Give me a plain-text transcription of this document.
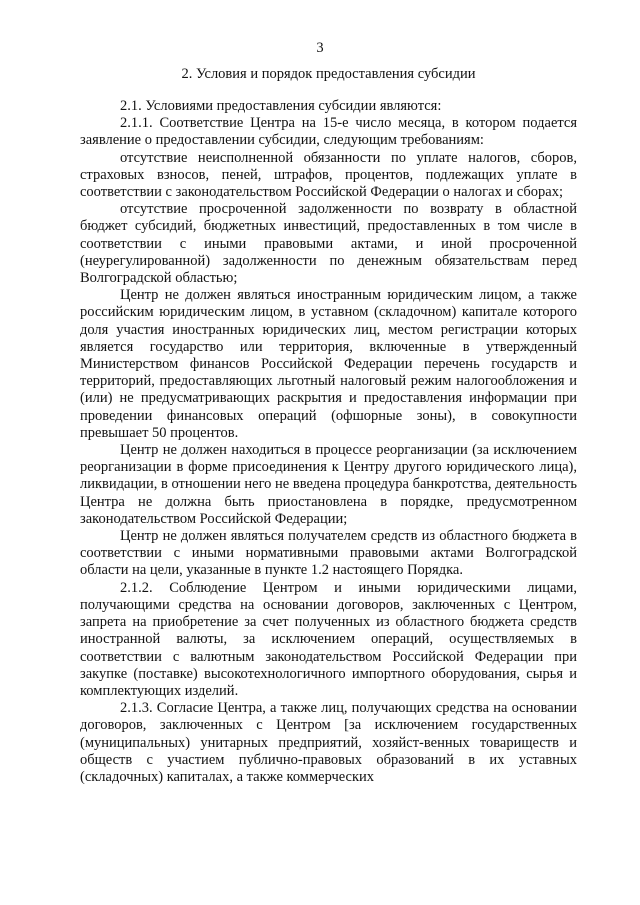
3
2. Условия и порядок предоставления субсидии

2.1. Условиями предоставления субсидии являются:

2.1.1. Соответствие Центра на 15-е число месяца, в котором подается заявление о предоставлении субсидии, следующим требованиям:

отсутствие неисполненной обязанности по уплате налогов, сборов, страховых взносов, пеней, штрафов, процентов, подлежащих уплате в соответствии с законодательством Российской Федерации о налогах и сборах;

отсутствие просроченной задолженности по возврату в областной бюджет субсидий, бюджетных инвестиций, предоставленных в том числе в соответствии с иными правовыми актами, и иной просроченной (неурегулированной) задолженности по денежным обязательствам перед Волгоградской областью;

Центр не должен являться иностранным юридическим лицом, а также российским юридическим лицом, в уставном (складочном) капитале которого доля участия иностранных юридических лиц, местом регистрации которых является государство или территория, включенные в утвержденный Министерством финансов Российской Федерации перечень государств и территорий, предоставляющих льготный налоговый режим налогообложения и (или) не предусматривающих раскрытия и предоставления информации при проведении финансовых операций (офшорные зоны), в совокупности превышает 50 процентов.

Центр не должен находиться в процессе реорганизации (за исключением реорганизации в форме присоединения к Центру другого юридического лица), ликвидации, в отношении него не введена процедура банкротства, деятельность Центра не должна быть приостановлена в порядке, предусмотренном законодательством Российской Федерации;

Центр не должен являться получателем средств из областного бюджета в соответствии с иными нормативными правовыми актами Волгоградской области на цели, указанные в пункте 1.2 настоящего Порядка.

2.1.2. Соблюдение Центром и иными юридическими лицами, получающими средства на основании договоров, заключенных с Центром, запрета на приобретение за счет полученных из областного бюджета средств иностранной валюты, за исключением операций, осуществляемых в соответствии с валютным законодательством Российской Федерации при закупке (поставке) высокотехнологичного импортного оборудования, сырья и комплектующих изделий.

2.1.3. Согласие Центра, а также лиц, получающих средства на основании договоров, заключенных с Центром [за исключением государственных (муниципальных) унитарных предприятий, хозяйст-венных товариществ и обществ с участием публично-правовых образований в их уставных (складочных) капиталах, а также коммерческих
